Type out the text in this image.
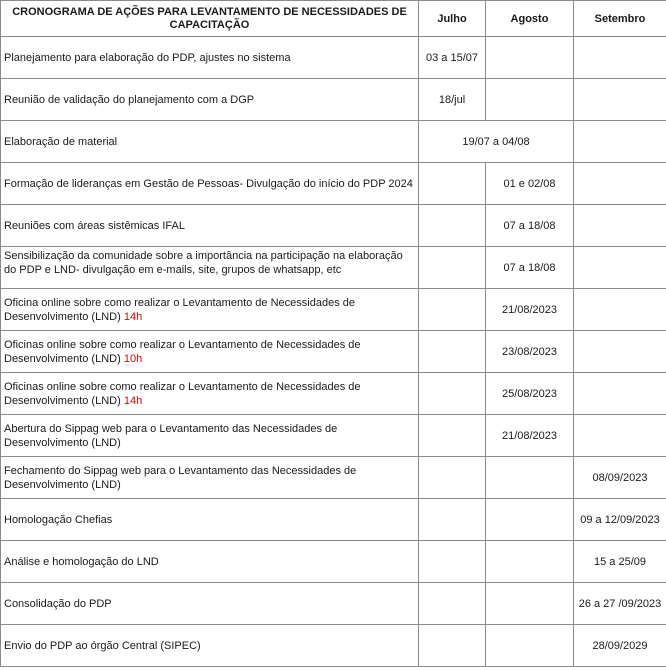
CRONOGRAMA DE AÇÕES PARA LEVANTAMENTO DE NECESSIDADES DE CAPACITAÇÃO	Julho	Agosto	Setembro
Planejamento para elaboração do PDP, ajustes no sistema	03 a 15/07		
Reunião de validação do planejamento com a DGP	18/jul		
Elaboração de material	19/07 a 04/08		
Formação de lideranças em Gestão de Pessoas- Divulgação do início do PDP 2024		01 e 02/08	
Reuniões com áreas sistêmicas IFAL		07 a 18/08	
Sensibilização da comunidade sobre a importância na participação na elaboração do PDP e LND- divulgação em e-mails, site, grupos de whatsapp, etc		07 a 18/08	
Oficina online sobre como realizar o Levantamento de Necessidades de Desenvolvimento (LND) 14h		21/08/2023	
Oficinas online sobre como realizar o Levantamento de Necessidades de Desenvolvimento (LND) 10h		23/08/2023	
Oficinas online sobre como realizar o Levantamento de Necessidades de Desenvolvimento (LND) 14h		25/08/2023	
Abertura do Sippag web para o Levantamento das Necessidades de Desenvolvimento (LND)		21/08/2023	
Fechamento do Sippag web para o Levantamento das Necessidades de Desenvolvimento (LND)			08/09/2023
Homologação Chefias			09 a 12/09/2023
Análise e homologação do LND			15 a 25/09
Consolidação do PDP			26 a 27 /09/2023
Envio do PDP ao órgão Central (SIPEC)			28/09/2029
